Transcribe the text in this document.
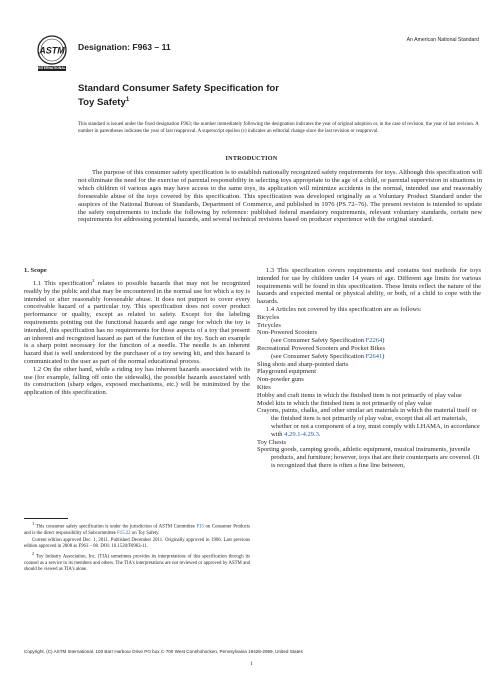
ASTM
INTERNATIONAL
Designation: F963 – 11
An American National Standard
Standard Consumer Safety Specification for
Toy Safety$^1$
This standard is issued under the fixed designation F963; the number immediately following the designation indicates the year of original adoption or, in the case of revision, the year of last revision. A number in parentheses indicates the year of last reapproval. A superscript epsilon (ε) indicates an editorial change since the last revision or reapproval.
INTRODUCTION
The purpose of this consumer safety specification is to establish nationally recognized safety requirements for toys. Although this specification will not eliminate the need for the exercise of parental responsibility in selecting toys appropriate to the age of a child, or parental supervision in situations in which children of various ages may have access to the same toys, its application will minimize accidents in the normal, intended use and reasonably foreseeable abuse of the toys covered by this specification. This specification was developed originally as a Voluntary Product Standard under the auspices of the National Bureau of Standards, Department of Commerce, and published in 1976 (PS 72–76). The present revision is intended to update the safety requirements to include the following by reference: published federal mandatory requirements, relevant voluntary standards, certain new requirements for addressing potential hazards, and several technical revisions based on producer experience with the original standard.
1. Scope

1.1 This specification$^2$ relates to possible hazards that may not be recognized readily by the public and that may be encountered in the normal use for which a toy is intended or after reasonably foreseeable abuse. It does not purport to cover every conceivable hazard of a particular toy. This specification does not cover product performance or quality, except as related to safety. Except for the labeling requirements pointing out the functional hazards and age range for which the toy is intended, this specification has no requirements for those aspects of a toy that present an inherent and recognized hazard as part of the function of the toy. Such an example is a sharp point necessary for the function of a needle. The needle is an inherent hazard that is well understood by the purchaser of a toy sewing kit, and this hazard is communicated to the user as part of the normal educational process.

1.2 On the other hand, while a riding toy has inherent hazards associated with its use (for example, falling off onto the sidewalk), the possible hazards associated with its construction (sharp edges, exposed mechanisms, etc.) will be minimized by the application of this specification.

1.3 This specification covers requirements and contains test methods for toys intended for use by children under 14 years of age. Different age limits for various requirements will be found in this specification. These limits reflect the nature of the hazards and expected mental or physical ability, or both, of a child to cope with the hazards.

1.4 Articles not covered by this specification are as follows:

Bicycles
Tricycles
Non-Powered Scooters
(see Consumer Safety Specification F2264)
Recreational Powered Scooters and Pocket Bikes
(see Consumer Safety Specification F2641)
Sling shots and sharp-pointed darts
Playground equipment
Non-powder guns
Kites
Hobby and craft items in which the finished item is not primarily of play value
Model kits in which the finished item is not primarily of play value
Crayons, paints, chalks, and other similar art materials in which the material itself or the finished item is not primarily of play value, except that all art materials, whether or not a component of a toy, must comply with LHAMA, in accordance with 4.29.1-4.29.3.
Toy Chests
Sporting goods, camping goods, athletic equipment, musical instruments, juvenile products, and furniture; however, toys that are their counterparts are covered. (It is recognized that there is often a fine line between,

$^1$ This consumer safety specification is under the jurisdiction of ASTM Committee F15 on Consumer Products and is the direct responsibility of Subcommittee F15.22 on Toy Safety.

Current edition approved Dec. 1, 2011. Published December 2011. Originally approved in 1986. Last previous edition approved in 2008 as F963 – 08. DOI: 10.1520/F0963-11.

$^2$ Toy Industry Association, Inc. (TIA) sometimes provides its interpretations of this specification through its counsel as a service to its members and others. The TIA's interpretations are not reviewed or approved by ASTM and should be viewed as TIA's alone.

Copyright. (C) ASTM International, 100 Barr Harbour Drive PO box C-700 West Conshohocken, Pennsylvania 19428-2959, United States
1
